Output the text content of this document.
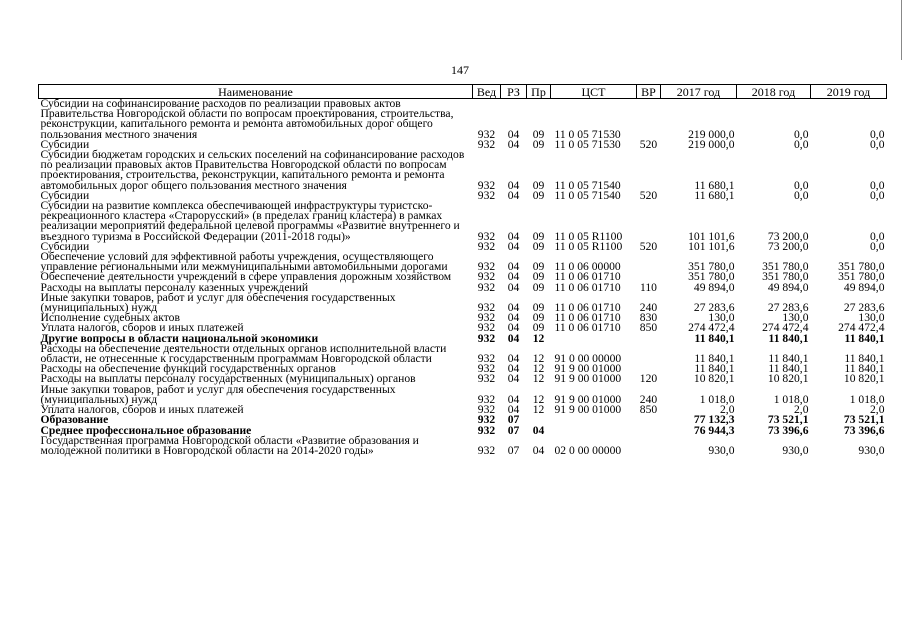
147
Наименование	Вед	РЗ	Пр	ЦСТ	ВР	2017 год	2018 год	2019 год
Субсидии на софинансирование расходов по реализации правовых актов Правительства Новгородской области по вопросам проектирования, строительства, реконструкции, капитального ремонта и ремонта автомобильных дорог общего пользования местного значения	932	04	09	11 0 05 71530		219 000,0	0,0	0,0
Субсидии	932	04	09	11 0 05 71530	520	219 000,0	0,0	0,0
Субсидии бюджетам городских и сельских поселений на софинансирование расходов по реализации правовых актов Правительства Новгородской области по вопросам проектирования, строительства, реконструкции, капитального ремонта и ремонта автомобильных дорог общего пользования местного значения	932	04	09	11 0 05 71540		11 680,1	0,0	0,0
Субсидии	932	04	09	11 0 05 71540	520	11 680,1	0,0	0,0
Субсидии на развитие комплекса обеспечивающей инфраструктуры туристско-рекреационного кластера «Старорусский» (в пределах границ кластера) в рамках реализации мероприятий федеральной целевой программы «Развитие внутреннего и въездного туризма в Российской Федерации (2011-2018 годы)»	932	04	09	11 0 05 R1100		101 101,6	73 200,0	0,0
Субсидии	932	04	09	11 0 05 R1100	520	101 101,6	73 200,0	0,0
Обеспечение условий для эффективной работы учреждения, осуществляющего управление региональными или межмуниципальными автомобильными дорогами	932	04	09	11 0 06 00000		351 780,0	351 780,0	351 780,0
Обеспечение деятельности учреждений в сфере управления дорожным хозяйством	932	04	09	11 0 06 01710		351 780,0	351 780,0	351 780,0
Расходы на выплаты персоналу казенных учреждений	932	04	09	11 0 06 01710	110	49 894,0	49 894,0	49 894,0
Иные закупки товаров, работ и услуг для обеспечения государственных (муниципальных) нужд	932	04	09	11 0 06 01710	240	27 283,6	27 283,6	27 283,6
Исполнение судебных актов	932	04	09	11 0 06 01710	830	130,0	130,0	130,0
Уплата налогов, сборов и иных платежей	932	04	09	11 0 06 01710	850	274 472,4	274 472,4	274 472,4
Другие вопросы в области национальной экономики	932	04	12			11 840,1	11 840,1	11 840,1
Расходы на обеспечение деятельности отдельных органов исполнительной власти области, не отнесенные к государственным программам Новгородской области	932	04	12	91 0 00 00000		11 840,1	11 840,1	11 840,1
Расходы на обеспечение функций государственных органов	932	04	12	91 9 00 01000		11 840,1	11 840,1	11 840,1
Расходы на выплаты персоналу государственных (муниципальных) органов	932	04	12	91 9 00 01000	120	10 820,1	10 820,1	10 820,1
Иные закупки товаров, работ и услуг для обеспечения государственных (муниципальных) нужд	932	04	12	91 9 00 01000	240	1 018,0	1 018,0	1 018,0
Уплата налогов, сборов и иных платежей	932	04	12	91 9 00 01000	850	2,0	2,0	2,0
Образование	932	07				77 132,3	73 521,1	73 521,1
Среднее профессиональное образование	932	07	04			76 944,3	73 396,6	73 396,6
Государственная программа Новгородской области «Развитие образования и молодежной политики в Новгородской области на 2014-2020 годы»	932	07	04	02 0 00 00000		930,0	930,0	930,0
